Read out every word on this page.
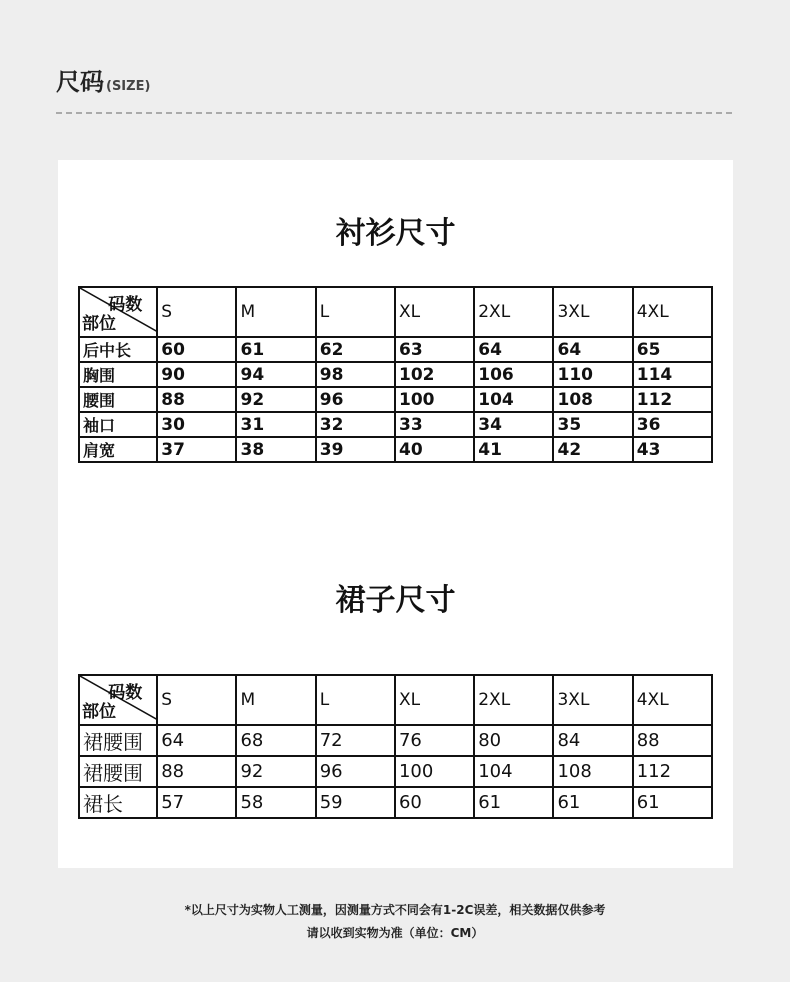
尺码 (SIZE)
衬衫尺寸
码数
部位	S	M	L	XL	2XL	3XL	4XL
后中长	60	61	62	63	64	64	65
胸围	90	94	98	102	106	110	114
腰围	88	92	96	100	104	108	112
袖口	30	31	32	33	34	35	36
肩宽	37	38	39	40	41	42	43
裙子尺寸
码数
部位	S	M	L	XL	2XL	3XL	4XL
裙腰围	64	68	72	76	80	84	88
裙腰围	88	92	96	100	104	108	112
裙长	57	58	59	60	61	61	61
*以上尺寸为实物人工测量，因测量方式不同会有1-2C误差，相关数据仅供参考
请以收到实物为准（单位：CM）
